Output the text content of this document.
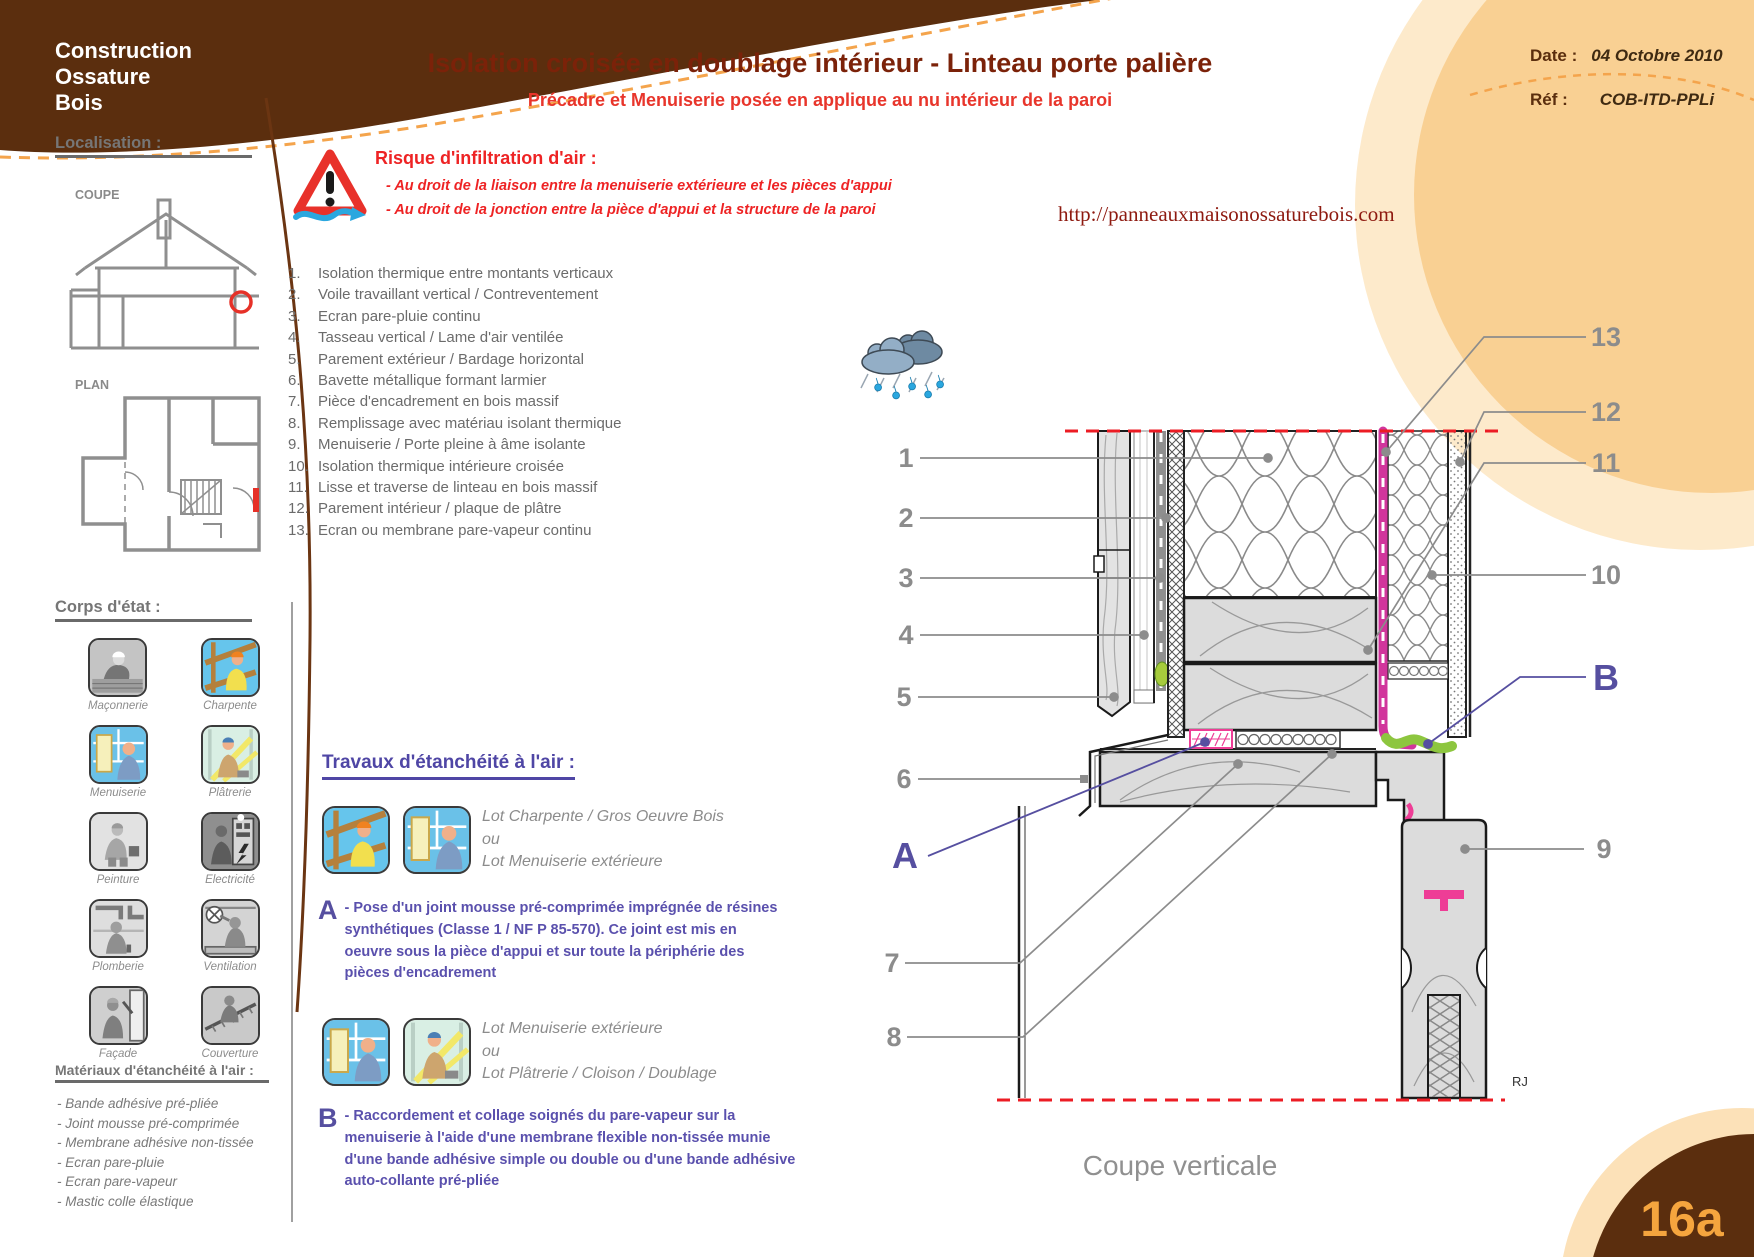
Construction
Ossature
Bois
Isolation croisée en doublage intérieur - Linteau porte palière
Précadre et Menuiserie posée en applique au nu intérieur de la paroi
Date : 04 Octobre 2010
Réf : COB-ITD-PPLi
http://panneauxmaisonossaturebois.com
16a
Risque d'infiltration d'air :
- Au droit de la liaison entre la menuiserie extérieure et les pièces d'appui
- Au droit de la jonction entre la pièce d'appui et la structure de la paroi
1.	Isolation thermique entre montants verticaux
2.	Voile travaillant vertical / Contreventement
3.	Ecran pare-pluie continu
4.	Tasseau vertical / Lame d'air ventilée
5.	Parement extérieur / Bardage horizontal
6.	Bavette métallique formant larmier
7.	Pièce d'encadrement en bois massif
8.	Remplissage avec matériau isolant thermique
9.	Menuiserie / Porte pleine à âme isolante
10. Isolation thermique intérieure croisée
11. Lisse et traverse de linteau en bois massif
12. Parement intérieur / plaque de plâtre
13. Ecran ou membrane pare-vapeur continu
Localisation :
COUPE
PLAN
Corps d'état :
Maçonnerie	Charpente
Menuiserie	Plâtrerie
Peinture	Electricité
Plomberie	Ventilation
Façade	Couverture
Matériaux d'étanchéité à l'air :
- Bande adhésive pré-pliée
- Joint mousse pré-comprimée
- Membrane adhésive non-tissée
- Ecran pare-pluie
- Ecran pare-vapeur
- Mastic colle élastique
Travaux d'étanchéité à l'air :
Lot Charpente / Gros Oeuvre Bois
ou
Lot Menuiserie extérieure
A - Pose d'un joint mousse pré-comprimée imprégnée de résines synthétiques (Classe 1 / NF P 85-570). Ce joint est mis en oeuvre sous la pièce d'appui et sur toute la périphérie des pièces d'encadrement
Lot Menuiserie extérieure
ou
Lot Plâtrerie / Cloison / Doublage
B - Raccordement et collage soignés du pare-vapeur sur la menuiserie à l'aide d'une membrane flexible non-tissée munie d'une bande adhésive simple ou double ou d'une bande adhésive auto-collante pré-pliée
1
2
3
4
5
6
7
8
9
10
11
12
13
A
B
RJ
Coupe verticale
